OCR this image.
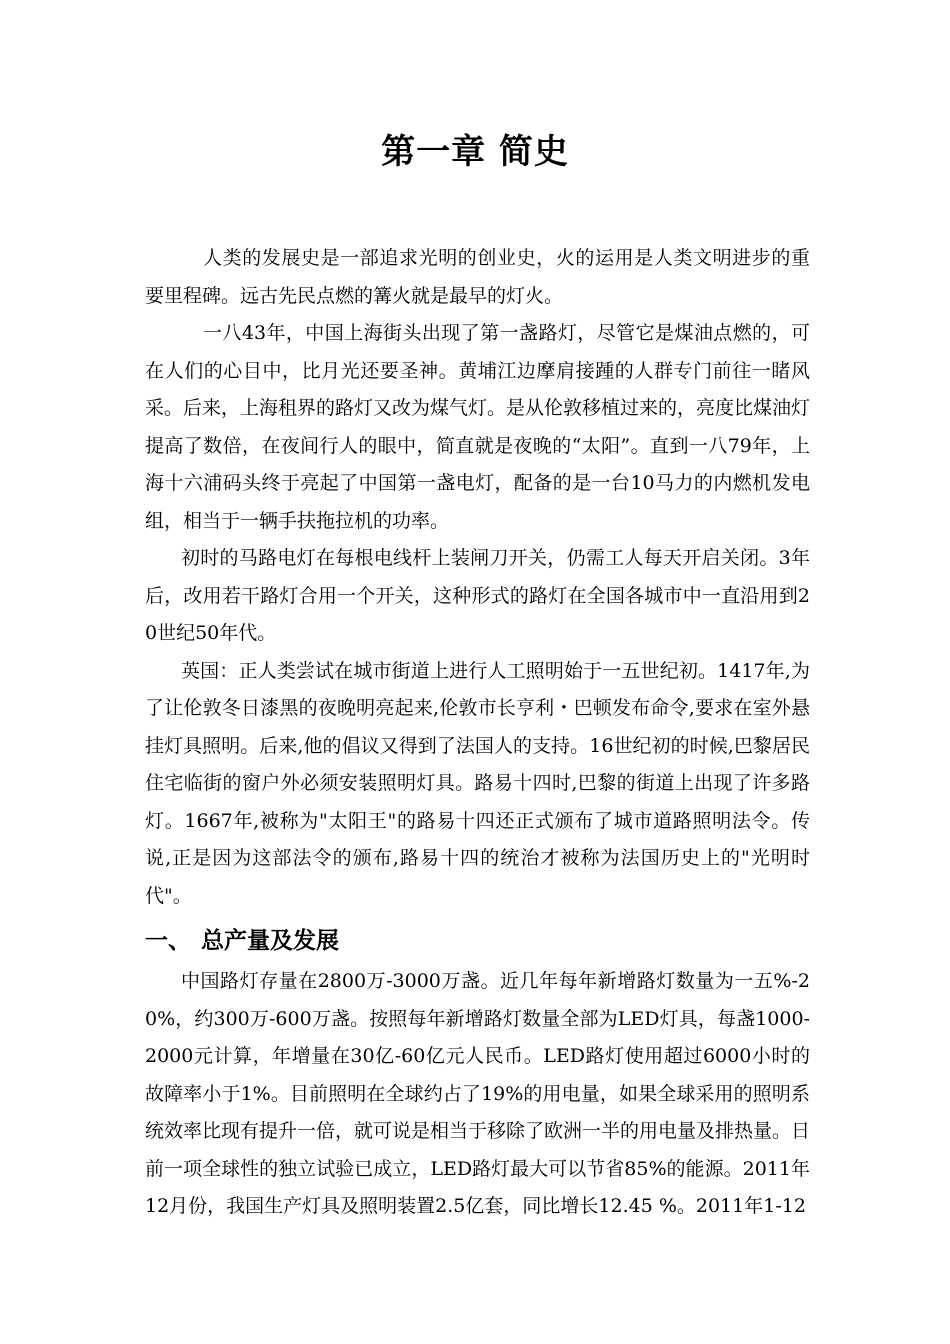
第一章 简史

人类的发展史是一部追求光明的创业史，火的运用是人类文明进步的重要里程碑。远古先民点燃的篝火就是最早的灯火。

一八43年，中国上海街头出现了第一盏路灯，尽管它是煤油点燃的，可在人们的心目中，比月光还要圣神。黄埔江边摩肩接踵的人群专门前往一睹风采。后来，上海租界的路灯又改为煤气灯。是从伦敦移植过来的，亮度比煤油灯提高了数倍，在夜间行人的眼中，简直就是夜晚的“太阳”。直到一八79年，上海十六浦码头终于亮起了中国第一盏电灯，配备的是一台10马力的内燃机发电组，相当于一辆手扶拖拉机的功率。

初时的马路电灯在每根电线杆上装闸刀开关，仍需工人每天开启关闭。3年后，改用若干路灯合用一个开关，这种形式的路灯在全国各城市中一直沿用到20世纪50年代。

英国：正人类尝试在城市街道上进行人工照明始于一五世纪初。1417年,为了让伦敦冬日漆黑的夜晚明亮起来,伦敦市长亨利・巴顿发布命令,要求在室外悬挂灯具照明。后来,他的倡议又得到了法国人的支持。16世纪初的时候,巴黎居民住宅临街的窗户外必须安装照明灯具。路易十四时,巴黎的街道上出现了许多路灯。1667年,被称为"太阳王"的路易十四还正式颁布了城市道路照明法令。传说,正是因为这部法令的颁布,路易十四的统治才被称为法国历史上的"光明时代"。

一、 总产量及发展

中国路灯存量在2800万-3000万盏。近几年每年新增路灯数量为一五%-20%，约300万-600万盏。按照每年新增路灯数量全部为LED灯具，每盏1000-2000元计算，年增量在30亿-60亿元人民币。LED路灯使用超过6000小时的故障率小于1%。目前照明在全球约占了19%的用电量，如果全球采用的照明系统效率比现有提升一倍，就可说是相当于移除了欧洲一半的用电量及排热量。日前一项全球性的独立试验已成立，LED路灯最大可以节省85%的能源。2011年12月份，我国生产灯具及照明装置2.5亿套，同比增长12.45 %。2011年1-12
